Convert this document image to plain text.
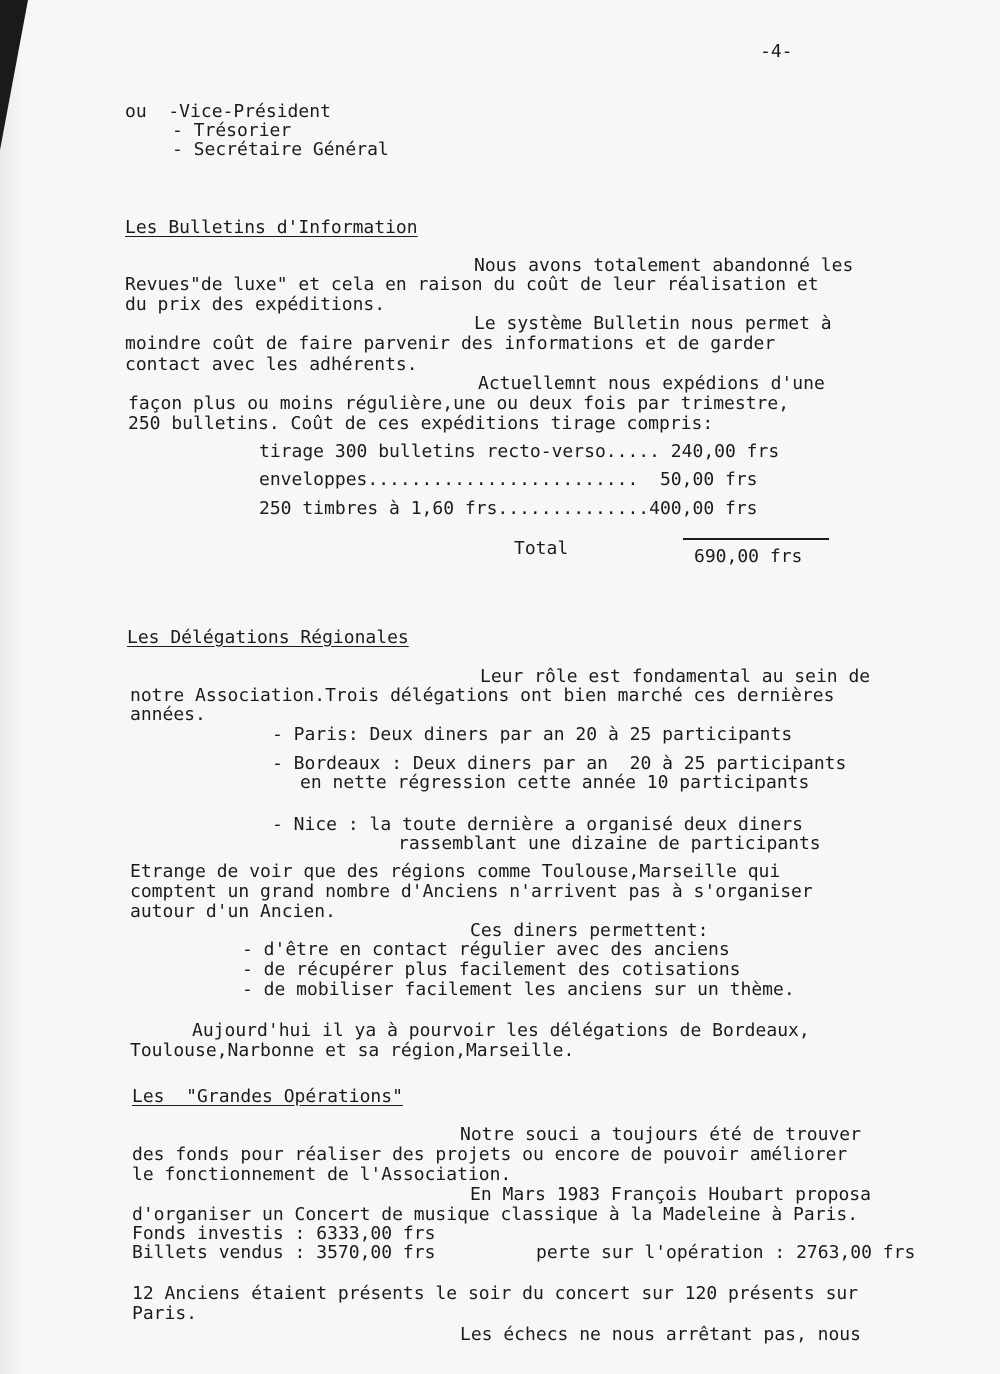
-4-
ou  -Vice-Président
- Trésorier
- Secrétaire Général
Les Bulletins d'Information
Nous avons totalement abandonné les
Revues"de luxe" et cela en raison du coût de leur réalisation et
du prix des expéditions.
Le système Bulletin nous permet à
moindre coût de faire parvenir des informations et de garder
contact avec les adhérents.
Actuellemnt nous expédions d'une
façon plus ou moins régulière,une ou deux fois par trimestre,
250 bulletins. Coût de ces expéditions tirage compris:
tirage 300 bulletins recto-verso..... 240,00 frs
enveloppes.........................  50,00 frs
250 timbres à 1,60 frs..............400,00 frs
Total	690,00 frs
Les Délégations Régionales
Leur rôle est fondamental au sein de
notre Association.Trois délégations ont bien marché ces dernières
années.
- Paris: Deux diners par an 20 à 25 participants
- Bordeaux : Deux diners par an  20 à 25 participants
en nette régression cette année 10 participants
- Nice : la toute dernière a organisé deux diners
rassemblant une dizaine de participants
Etrange de voir que des régions comme Toulouse,Marseille qui
comptent un grand nombre d'Anciens n'arrivent pas à s'organiser
autour d'un Ancien.
Ces diners permettent:
- d'être en contact régulier avec des anciens
- de récupérer plus facilement des cotisations
- de mobiliser facilement les anciens sur un thème.
Aujourd'hui il ya à pourvoir les délégations de Bordeaux,
Toulouse,Narbonne et sa région,Marseille.
Les  "Grandes Opérations"
Notre souci a toujours été de trouver
des fonds pour réaliser des projets ou encore de pouvoir améliorer
le fonctionnement de l'Association.
En Mars 1983 François Houbart proposa
d'organiser un Concert de musique classique à la Madeleine à Paris.
Fonds investis : 6333,00 frs
Billets vendus : 3570,00 frs	perte sur l'opération : 2763,00 frs
12 Anciens étaient présents le soir du concert sur 120 présents sur
Paris.
Les échecs ne nous arrêtant pas, nous
